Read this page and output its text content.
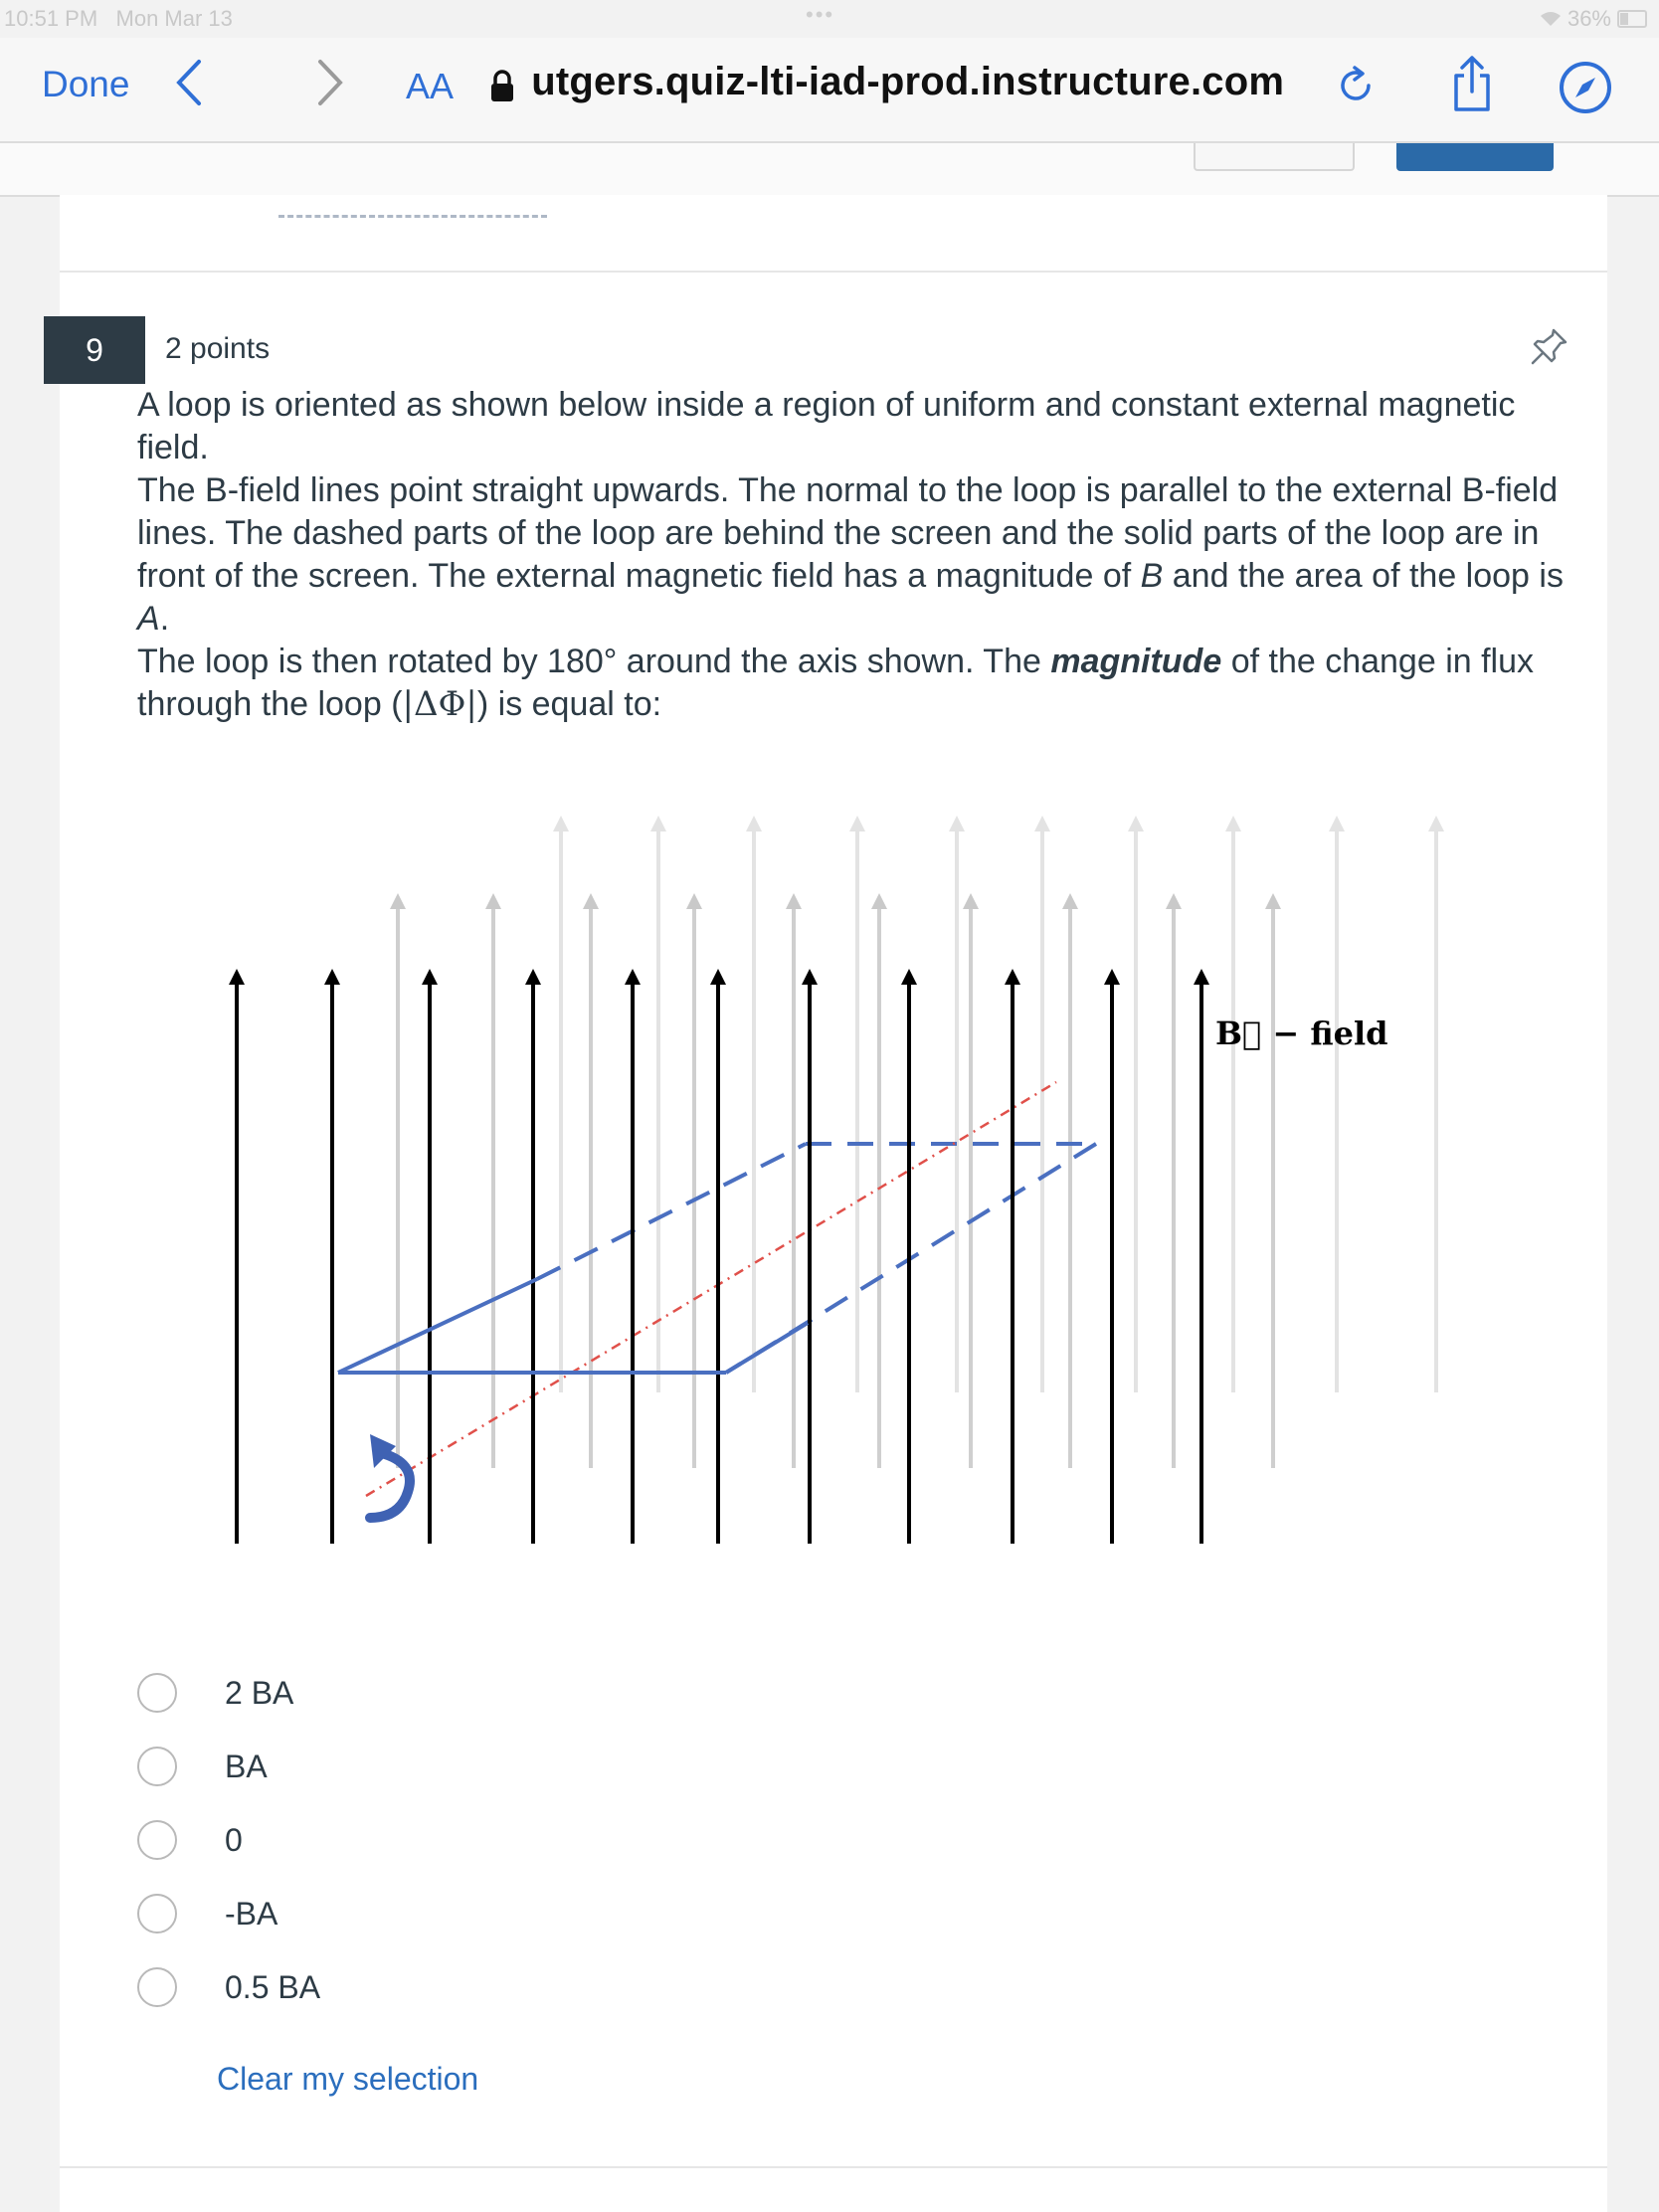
10:51 PM Mon Mar 13	•••	36%
Done	AA  utgers.quiz-lti-iad-prod.instructure.com
9	2 points
A loop is oriented as shown below inside a region of uniform and constant external magnetic field.
The B-field lines point straight upwards. The normal to the loop is parallel to the external B-field
lines. The dashed parts of the loop are behind the screen and the solid parts of the loop are in
front of the screen. The external magnetic field has a magnitude of B and the area of the loop is A.
The loop is then rotated by 180° around the axis shown. The magnitude of the change in flux
through the loop (|ΔΦ|) is equal to:
B⃗ − field
2 BA
BA
0
-BA
0.5 BA
Clear my selection
